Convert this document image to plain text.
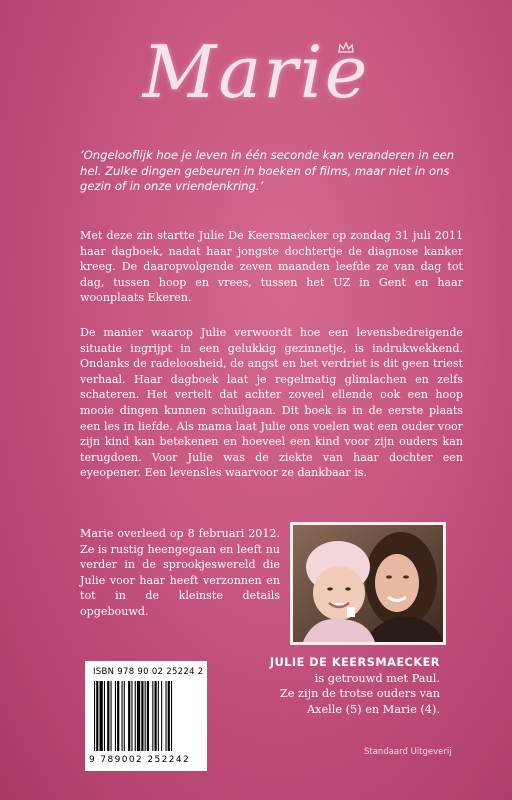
Marie
‘Ongelooflijk hoe je leven in één seconde kan veranderen in een hel. Zulke dingen gebeuren in boeken of films, maar niet in ons gezin of in onze vriendenkring.’
Met deze zin startte Julie De Keersmaecker op zondag 31 juli 2011 haar dagboek, nadat haar jongste dochtertje de diagnose kanker kreeg. De daaropvolgende zeven maanden leefde ze van dag tot dag, tussen hoop en vrees, tussen het UZ in Gent en haar woonplaats Ekeren.
De manier waarop Julie verwoordt hoe een levensbedreigende situatie ingrijpt in een gelukkig gezinnetje, is indrukwekkend. Ondanks de radeloosheid, de angst en het verdriet is dit geen triest verhaal. Haar dagboek laat je regelmatig glimlachen en zelfs schateren. Het vertelt dat achter zoveel ellende ook een hoop mooie dingen kunnen schuilgaan. Dit boek is in de eerste plaats een les in liefde. Als mama laat Julie ons voelen wat een ouder voor zijn kind kan betekenen en hoeveel een kind voor zijn ouders kan terugdoen. Voor Julie was de ziekte van haar dochter een eyeopener. Een levensles waarvoor ze dankbaar is.
Marie overleed op 8 februari 2012. Ze is rustig heengegaan en leeft nu verder in de sprookjeswereld die Julie voor haar heeft verzonnen en tot in de kleinste details opgebouwd.
JULIE DE KEERSMAECKER
is getrouwd met Paul.
Ze zijn de trotse ouders van
Axelle (5) en Marie (4).
ISBN 978 90 02 25224 2
9 789002 252242
Standaard Uitgeverij
